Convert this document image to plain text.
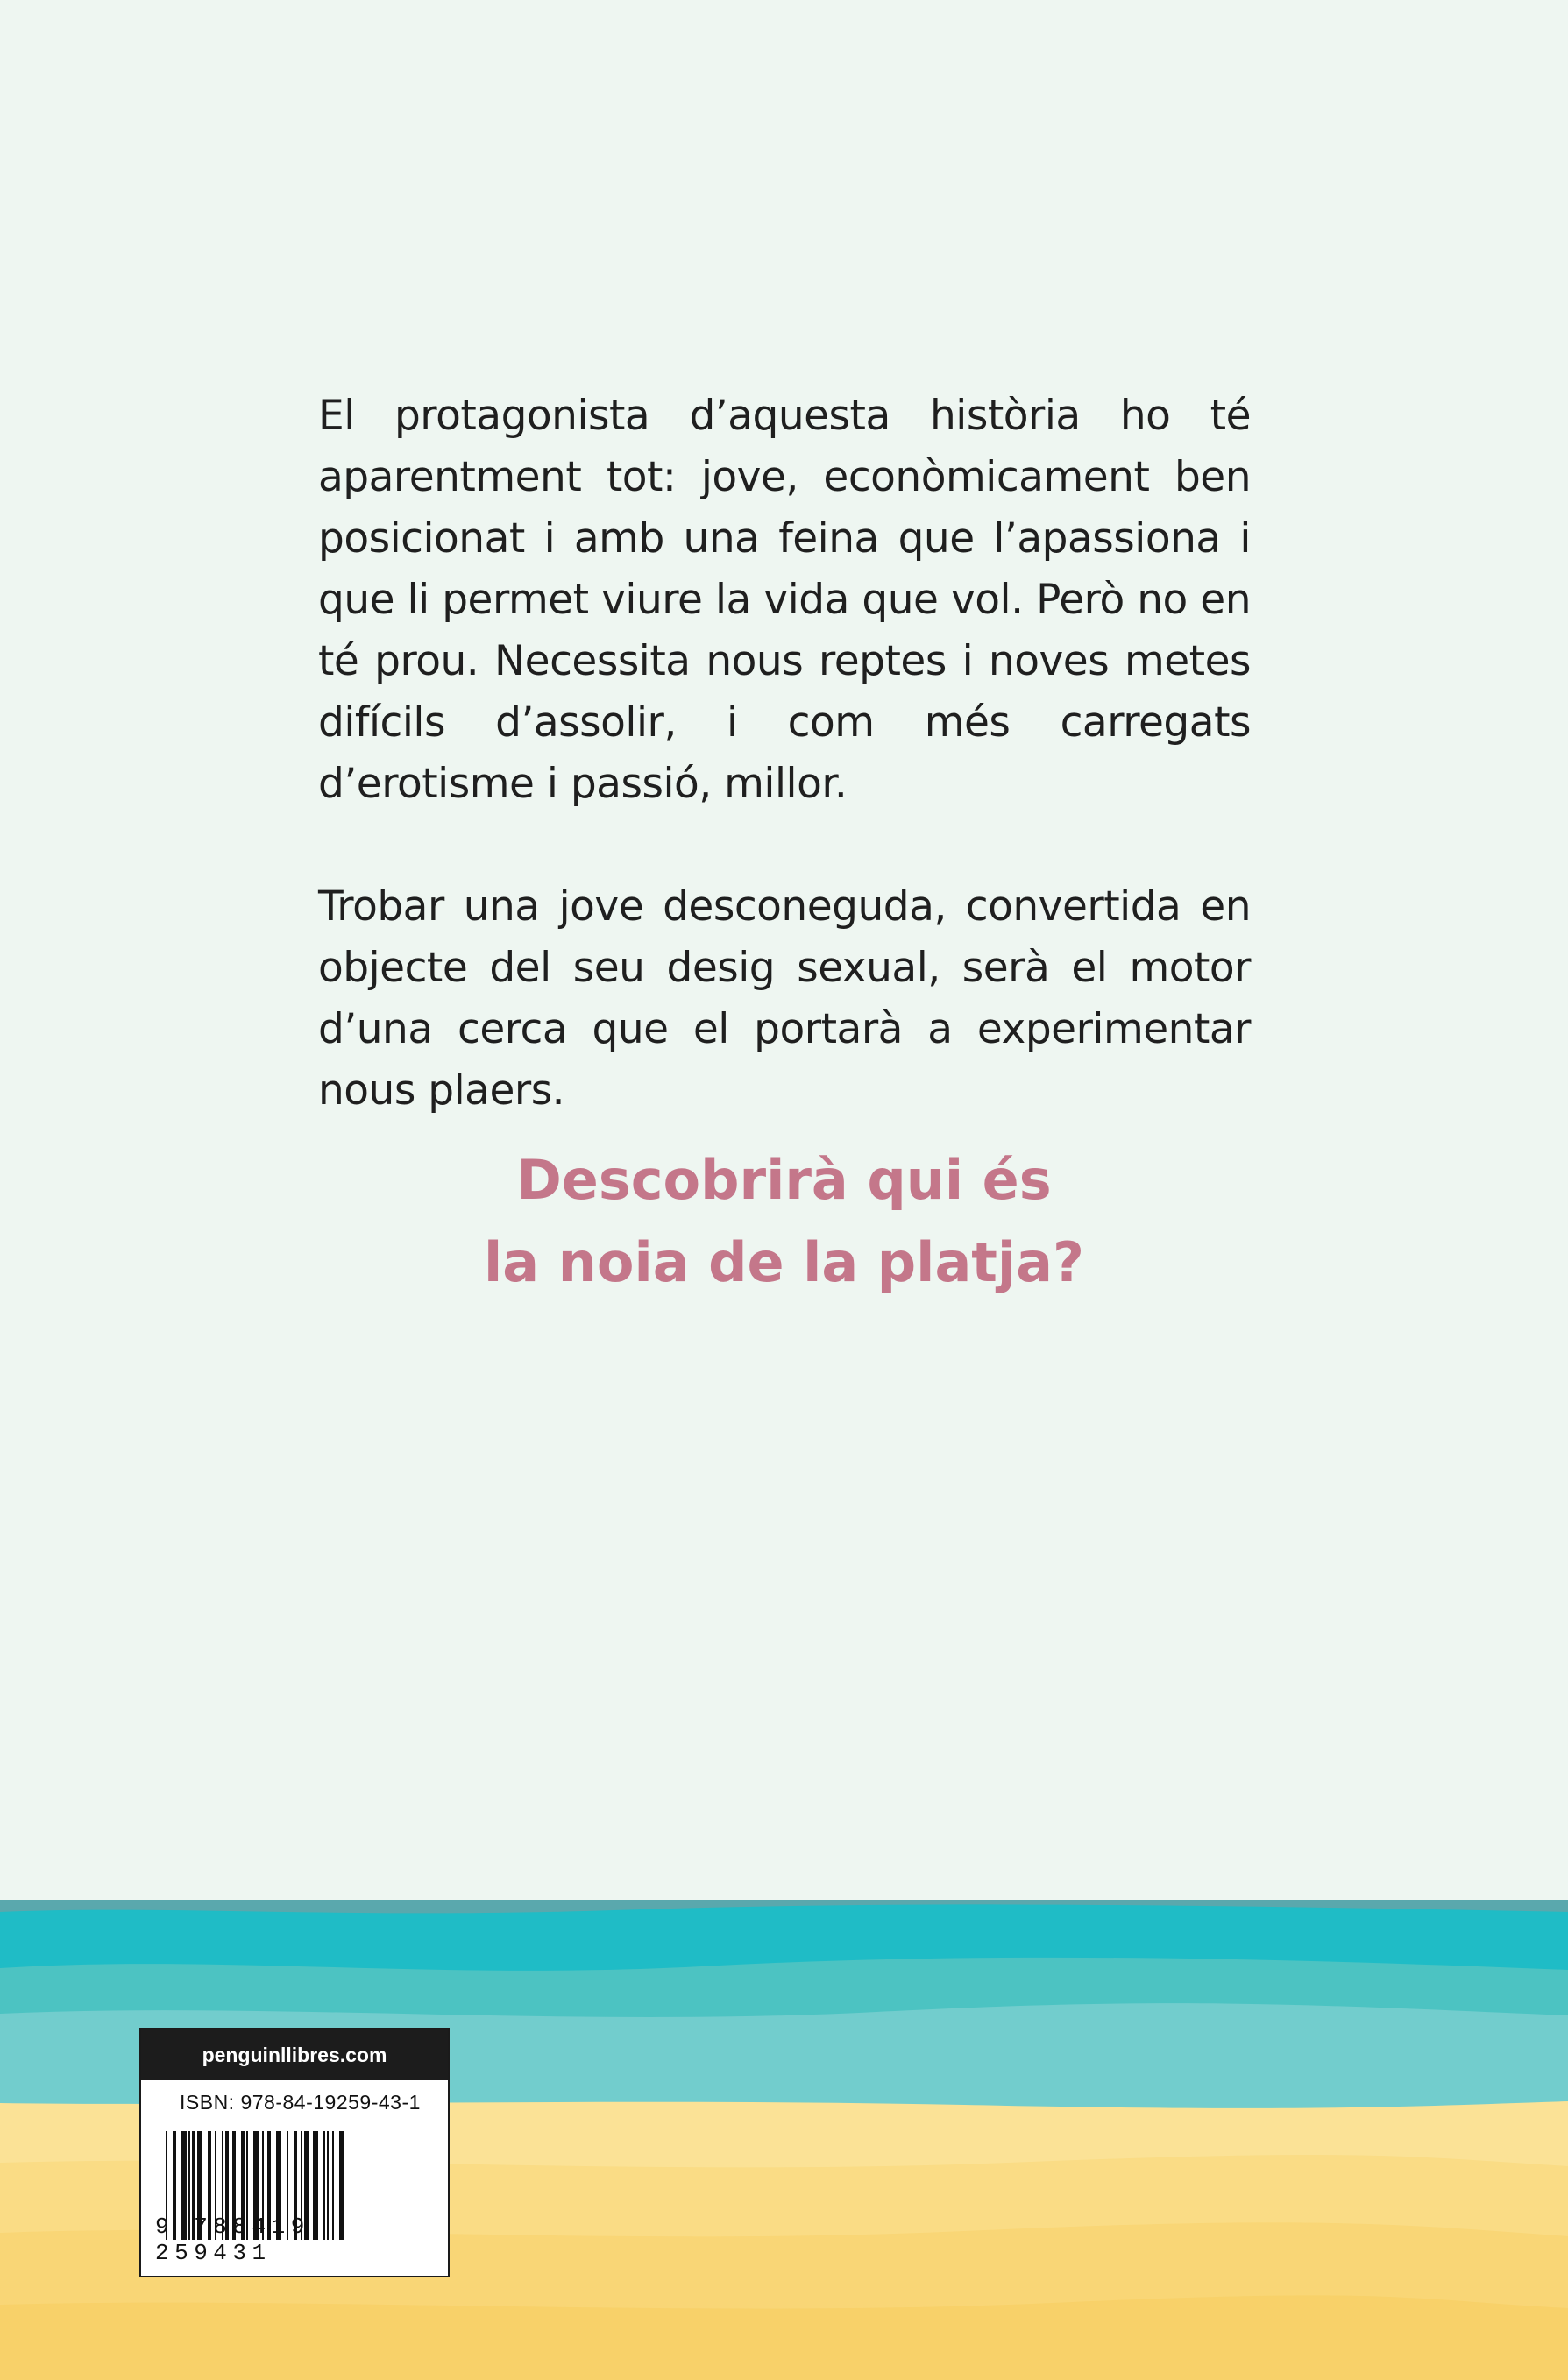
El protagonista d’aquesta història ho té aparentment tot: jove, econòmicament ben posicionat i amb una feina que l’apassiona i que li permet viure la vida que vol. Però no en té prou. Necessita nous reptes i noves metes difícils d’assolir, i com més carregats d’erotisme i passió, millor.

Trobar una jove desconeguda, convertida en objecte del seu desig sexual, serà el motor d’una cerca que el portarà a experimentar nous plaers.

Descobrirà qui és
la noia de la platja?
penguinllibres.com
ISBN: 978-84-19259-43-1
9 788419 259431
